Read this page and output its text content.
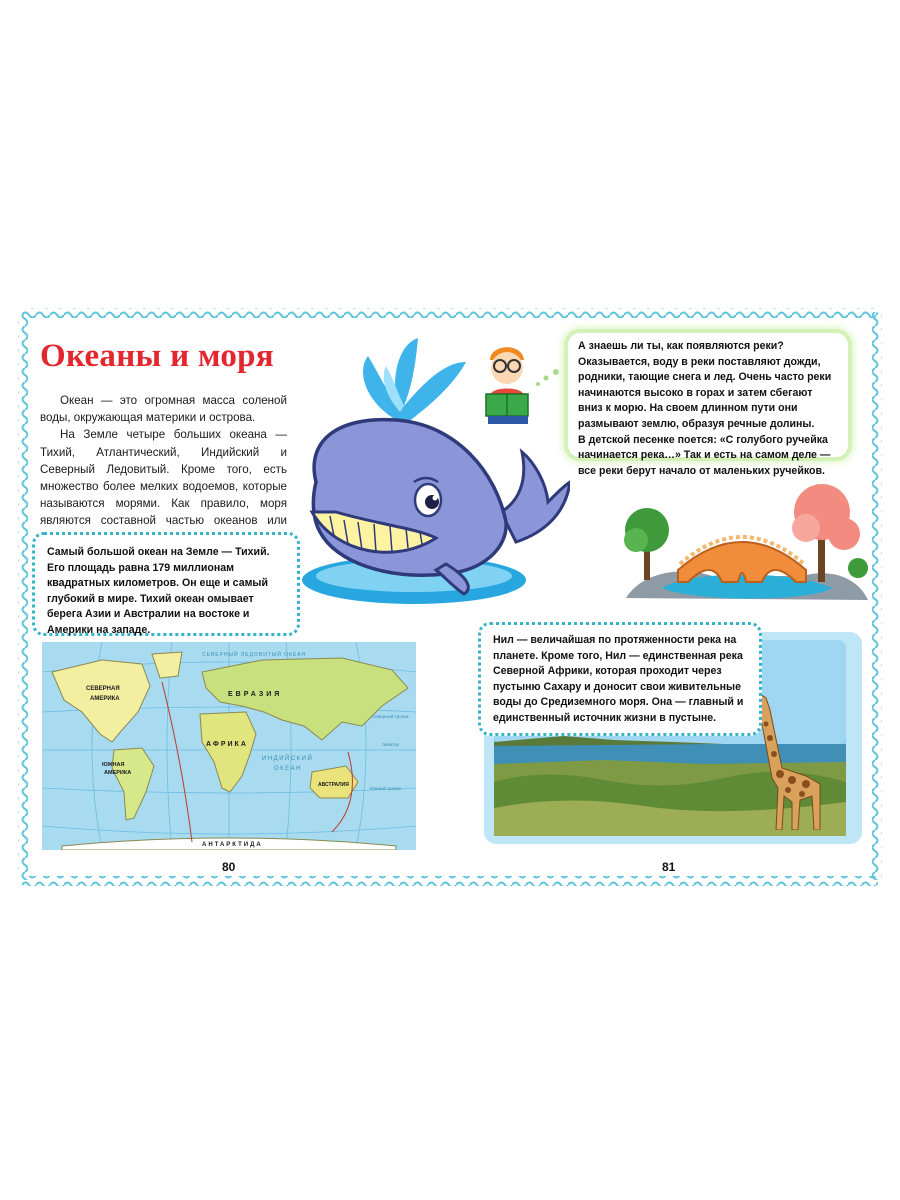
Океаны и моря

Океан — это огромная масса соленой воды, окружающая материки и острова.

На Земле четыре больших океана — Тихий, Атлантический, Индийский и Северный Ледовитый. Кроме того, есть множество более мелких водоемов, которые называются морями. Как правило, моря являются составной частью океанов или

Самый большой океан на Земле — Тихий. Его площадь равна 179 миллионам квадратных километров. Он еще и самый глубокий в мире. Тихий океан омывает берега Азии и Австралии на востоке и Америки на западе.

А знаешь ли ты, как появляются реки? Оказывается, воду в реки поставляют дожди, родники, тающие снега и лед. Очень часто реки начинаются высоко в горах и затем сбегают вниз к морю. На своем длинном пути они размывают землю, образуя речные долины.

В детской песенке поется: «С голубого ручейка начинается река…» Так и есть на самом деле — все реки берут начало от маленьких ручейков.

СЕВЕРНАЯ
АМЕРИКА
ЕВРАЗИЯ
АФРИКА
ЮЖНАЯ
АМЕРИКА
АВСТРАЛИЯ
АНТАРКТИДА
СЕВЕРНЫЙ ЛЕДОВИТЫЙ ОКЕАН
ИНДИЙСКИЙ
ОКЕАН
Северный тропик
Экватор
Южный тропик

Нил — величайшая по протяженности река на планете. Кроме того, Нил — единственная река Северной Африки, которая проходит через пустыню Сахару и доносит свои живительные воды до Средиземного моря. Она — главный и единственный источник жизни в пустыне.

80	81
